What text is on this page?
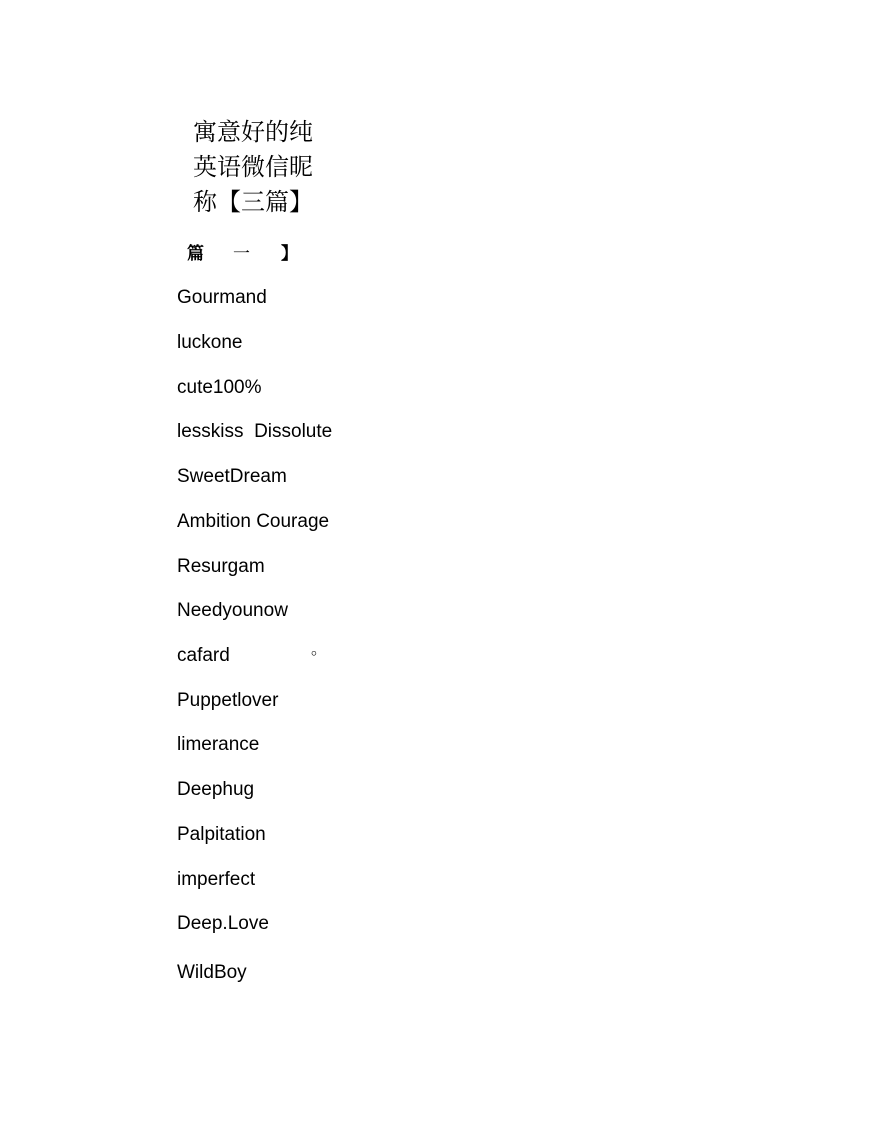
寓意好的纯
英语微信昵
称【三篇】
篇 一 】
Gourmand
luckone
cute100%
lesskiss  Dissolute
SweetDream
Ambition Courage
Resurgam
Needyounow
cafard
Puppetlover
limerance
Deephug
Palpitation
imperfect
Deep.Love
WildBoy
。
